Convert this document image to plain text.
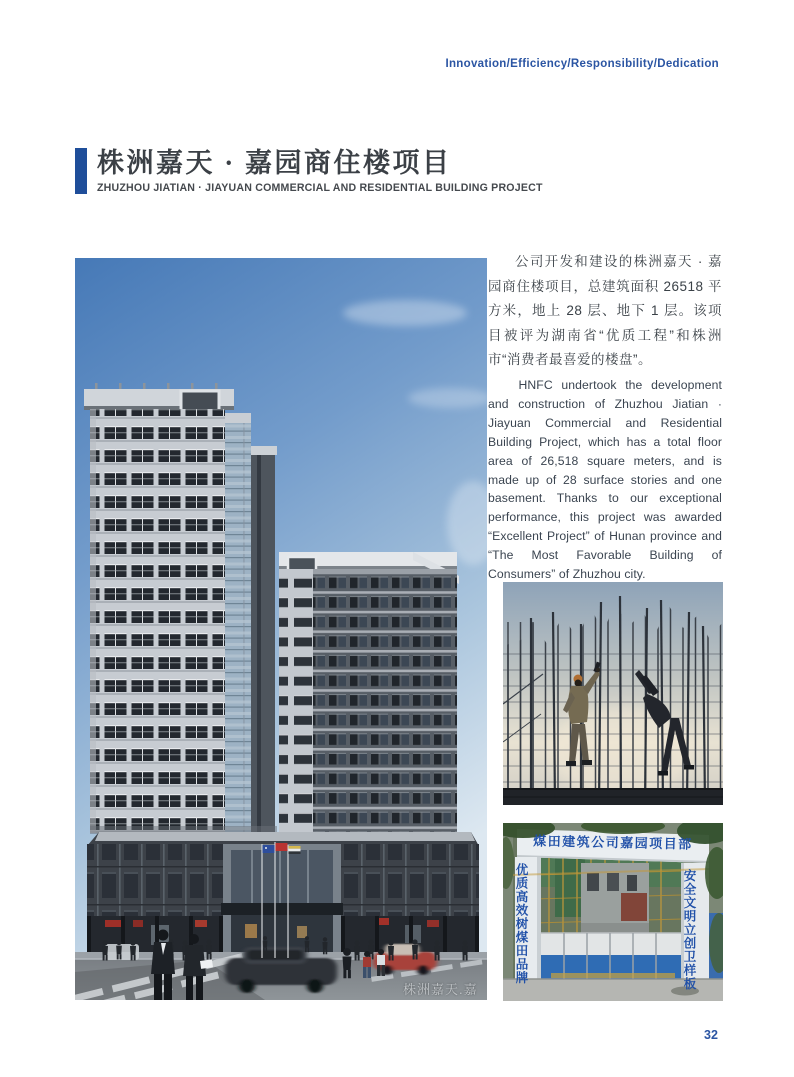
Innovation/Efficiency/Responsibility/Dedication
株洲嘉天 · 嘉园商住楼项目
ZHUZHOU JIATIAN · JIAYUAN COMMERCIAL AND RESIDENTIAL BUILDING PROJECT
株洲嘉天.嘉

公司开发和建设的株洲嘉天 · 嘉园商住楼项目，总建筑面积 26518 平方米，地上 28 层、地下 1 层。该项目被评为湖南省“优质工程”和株洲市“消费者最喜爱的楼盘”。

HNFC undertook the development and construction of Zhuzhou Jiatian · Jiayuan Commercial and Residential Building Project, which has a total floor area of 26,518 square meters, and is made up of 28 surface stories and one basement. Thanks to our exceptional performance, this project was awarded “Excellent Project” of Hunan province and “The Most Favorable Building of Consumers” of Zhuzhou city.

煤田建筑公司嘉园项目部
优质高效树煤田品牌	安全文明立创卫样板
32
